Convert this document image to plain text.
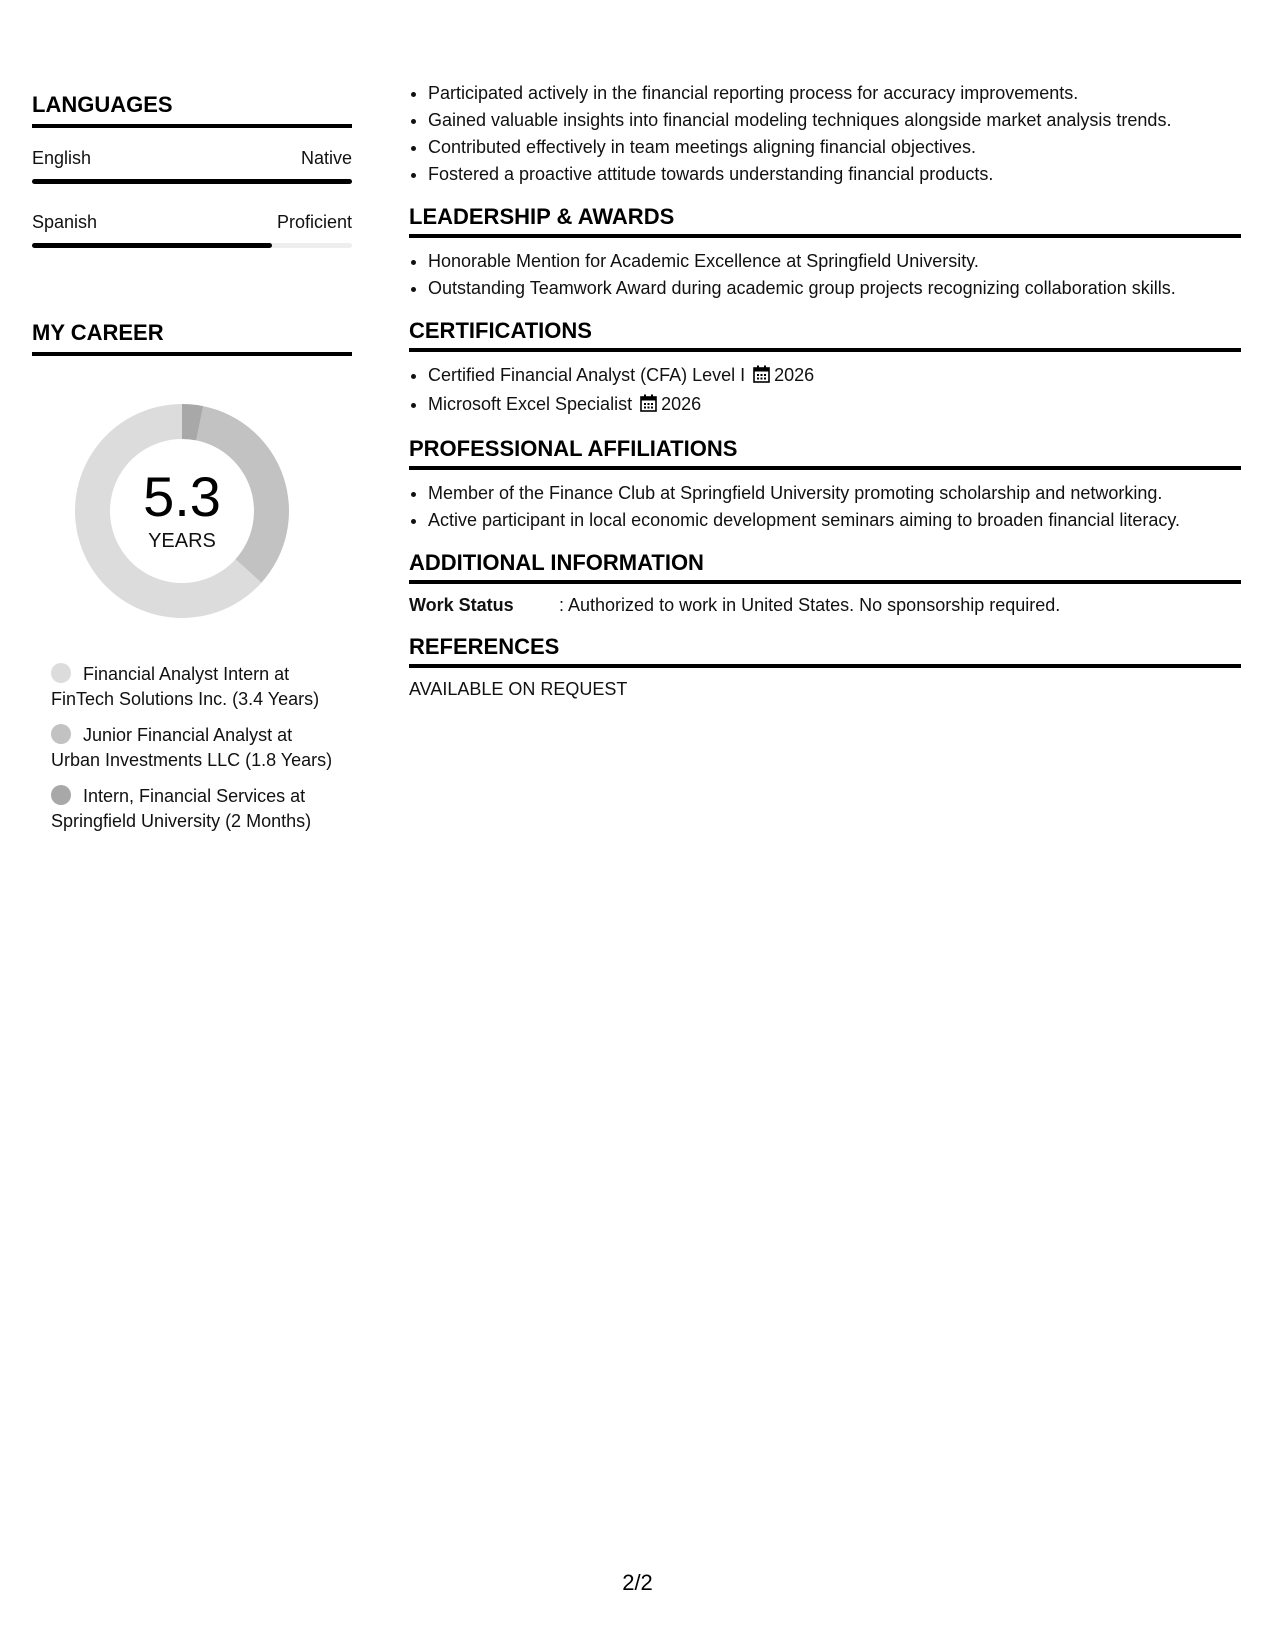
LANGUAGES
English	Native
Spanish	Proficient
MY CAREER
5.3
YEARS
Financial Analyst Intern at FinTech Solutions Inc. (3.4 Years)
Junior Financial Analyst at Urban Investments LLC (1.8 Years)
Intern, Financial Services at Springfield University (2 Months)
• Participated actively in the financial reporting process for accuracy improvements.
• Gained valuable insights into financial modeling techniques alongside market analysis trends.
• Contributed effectively in team meetings aligning financial objectives.
• Fostered a proactive attitude towards understanding financial products.
LEADERSHIP & AWARDS
• Honorable Mention for Academic Excellence at Springfield University.
• Outstanding Teamwork Award during academic group projects recognizing collaboration skills.
CERTIFICATIONS
• Certified Financial Analyst (CFA) Level I 2026
• Microsoft Excel Specialist 2026
PROFESSIONAL AFFILIATIONS
• Member of the Finance Club at Springfield University promoting scholarship and networking.
• Active participant in local economic development seminars aiming to broaden financial literacy.
ADDITIONAL INFORMATION
Work Status	: Authorized to work in United States. No sponsorship required.
REFERENCES
AVAILABLE ON REQUEST
2/2
